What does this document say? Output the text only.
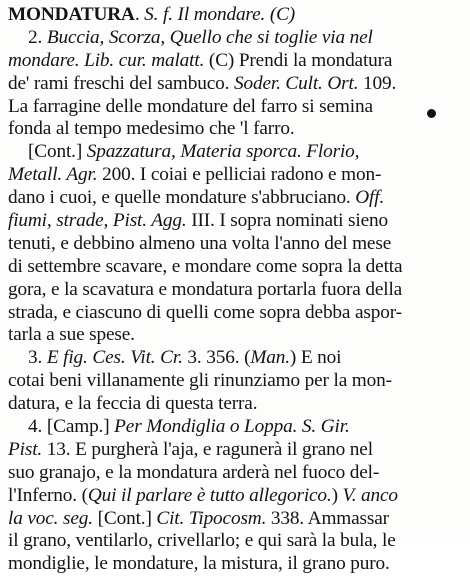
MONDATURA. S. f. Il mondare. (C)
2. Buccia, Scorza, Quello che si toglie via nel
mondare. Lib. cur. malatt. (C) Prendi la mondatura
de' rami freschi del sambuco. Soder. Cult. Ort. 109.
La farragine delle mondature del farro si semina
fonda al tempo medesimo che 'l farro.
[Cont.] Spazzatura, Materia sporca. Florio,
Metall. Agr. 200. I coiai e pelliciai radono e mon-
dano i cuoi, e quelle mondature s'abbruciano. Off.
fiumi, strade, Pist. Agg. III. I sopra nominati sieno
tenuti, e debbino almeno una volta l'anno del mese
di settembre scavare, e mondare come sopra la detta
gora, e la scavatura e mondatura portarla fuora della
strada, e ciascuno di quelli come sopra debba aspor-
tarla a sue spese.
3. E fig. Ces. Vit. Cr. 3. 356. (Man.) E noi
cotai beni villanamente gli rinunziamo per la mon-
datura, e la feccia di questa terra.
4. [Camp.] Per Mondiglia o Loppa. S. Gir.
Pist. 13. E purgherà l'aja, e ragunerà il grano nel
suo granajo, e la mondatura arderà nel fuoco del-
l'Inferno. (Qui il parlare è tutto allegorico.) V. anco
la voc. seg. [Cont.] Cit. Tipocosm. 338. Ammassar
il grano, ventilarlo, crivellarlo; e qui sarà la bula, le
mondiglie, le mondature, la mistura, il grano puro.
